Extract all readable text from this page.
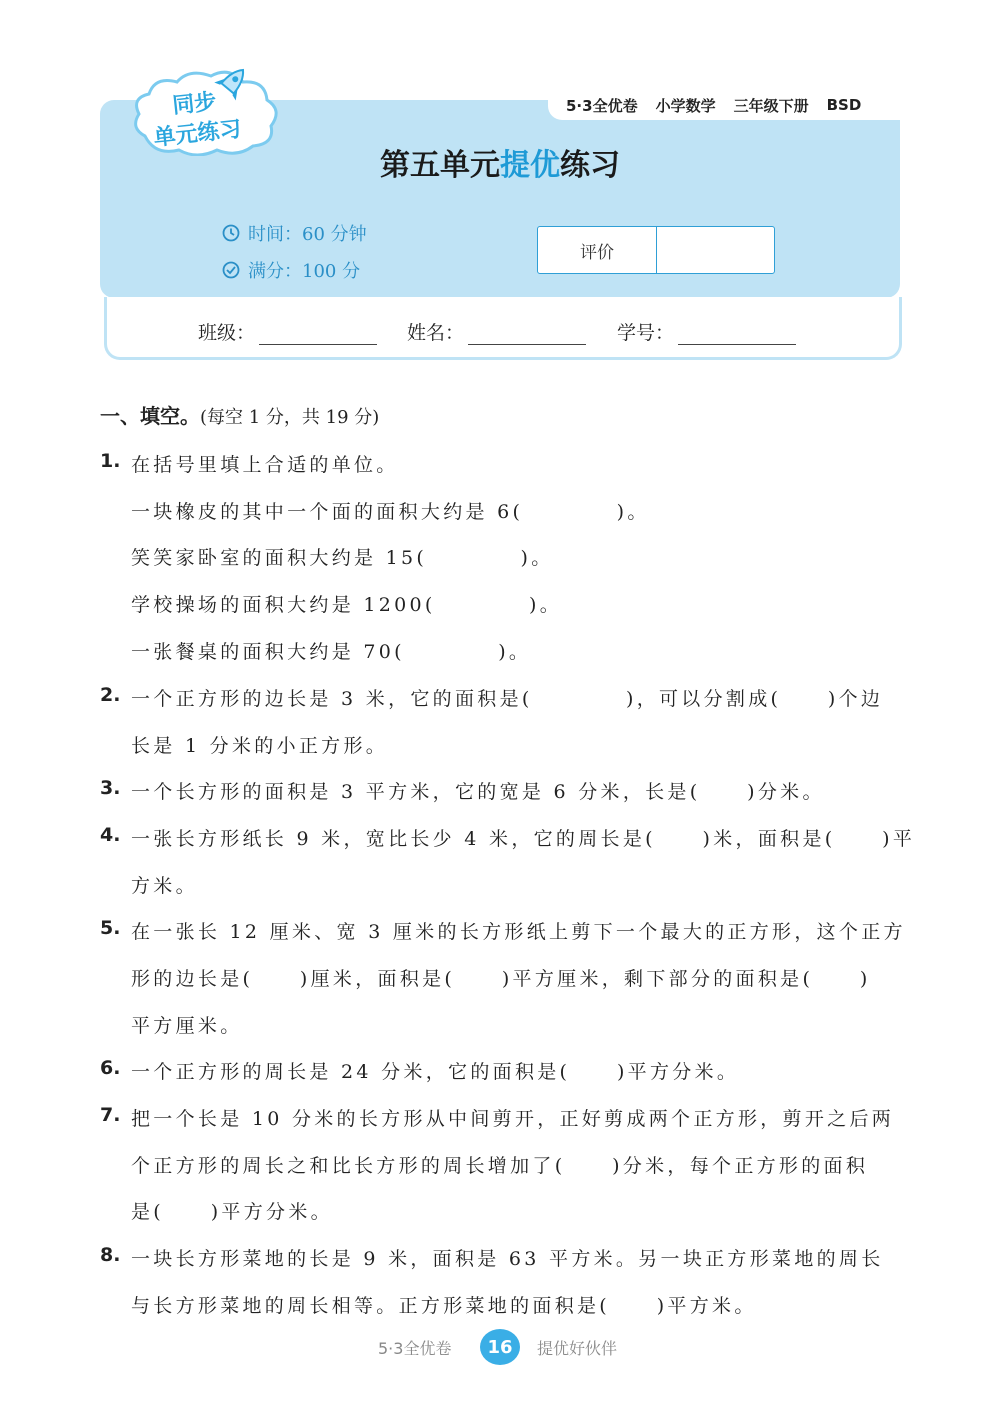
5·3全优卷 小学数学 三年级下册 BSD
同步
单元练习
第五单元提优练习
时间：60 分钟
满分：100 分
评价
班级：	姓名：	学号：
一、填空。(每空 1 分，共 19 分)
1. 在括号里填上合适的单位。
一块橡皮的其中一个面的面积大约是 6(          )。
笑笑家卧室的面积大约是 15(          )。
学校操场的面积大约是 1200(          )。
一张餐桌的面积大约是 70(          )。
2. 一个正方形的边长是 3 米，它的面积是(          )，可以分割成(     )个边
长是 1 分米的小正方形。
3. 一个长方形的面积是 3 平方米，它的宽是 6 分米，长是(     )分米。
4. 一张长方形纸长 9 米，宽比长少 4 米，它的周长是(     )米，面积是(     )平
方米。
5. 在一张长 12 厘米、宽 3 厘米的长方形纸上剪下一个最大的正方形，这个正方
形的边长是(     )厘米，面积是(     )平方厘米，剩下部分的面积是(     )
平方厘米。
6. 一个正方形的周长是 24 分米，它的面积是(     )平方分米。
7. 把一个长是 10 分米的长方形从中间剪开，正好剪成两个正方形，剪开之后两
个正方形的周长之和比长方形的周长增加了(     )分米，每个正方形的面积
是(     )平方分米。
8. 一块长方形菜地的长是 9 米，面积是 63 平方米。另一块正方形菜地的周长
与长方形菜地的周长相等。正方形菜地的面积是(     )平方米。
5·3全优卷	16	提优好伙伴
